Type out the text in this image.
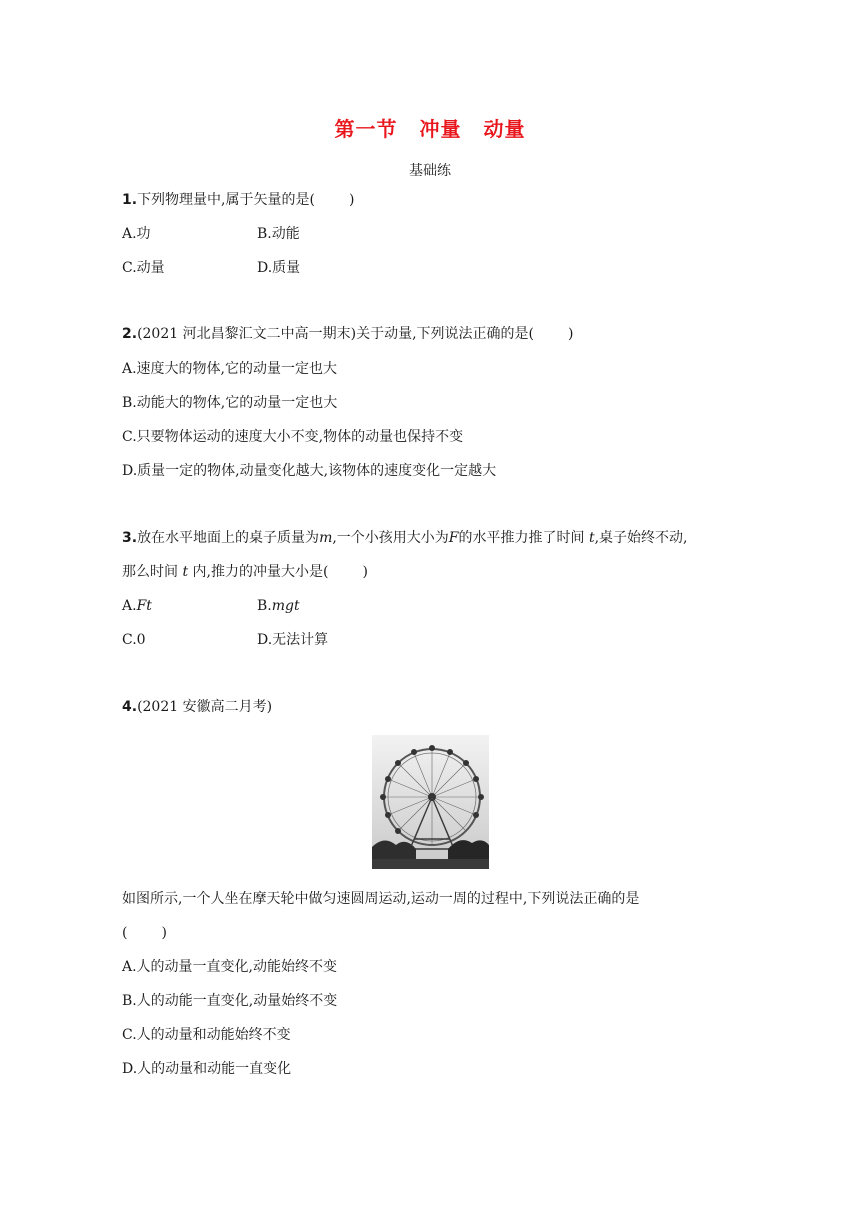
第一节 冲量 动量
基础练
1.下列物理量中,属于矢量的是( )
A.功	B.动能
C.动量	D.质量
2.(2021 河北昌黎汇文二中高一期末)关于动量,下列说法正确的是( )
A.速度大的物体,它的动量一定也大
B.动能大的物体,它的动量一定也大
C.只要物体运动的速度大小不变,物体的动量也保持不变
D.质量一定的物体,动量变化越大,该物体的速度变化一定越大
3.放在水平地面上的桌子质量为m,一个小孩用大小为F的水平推力推了时间 t,桌子始终不动,
那么时间 t 内,推力的冲量大小是( )
A.Ft	B.mgt
C.0	D.无法计算
4.(2021 安徽高二月考)
如图所示,一个人坐在摩天轮中做匀速圆周运动,运动一周的过程中,下列说法正确的是
( )
A.人的动量一直变化,动能始终不变
B.人的动能一直变化,动量始终不变
C.人的动量和动能始终不变
D.人的动量和动能一直变化
